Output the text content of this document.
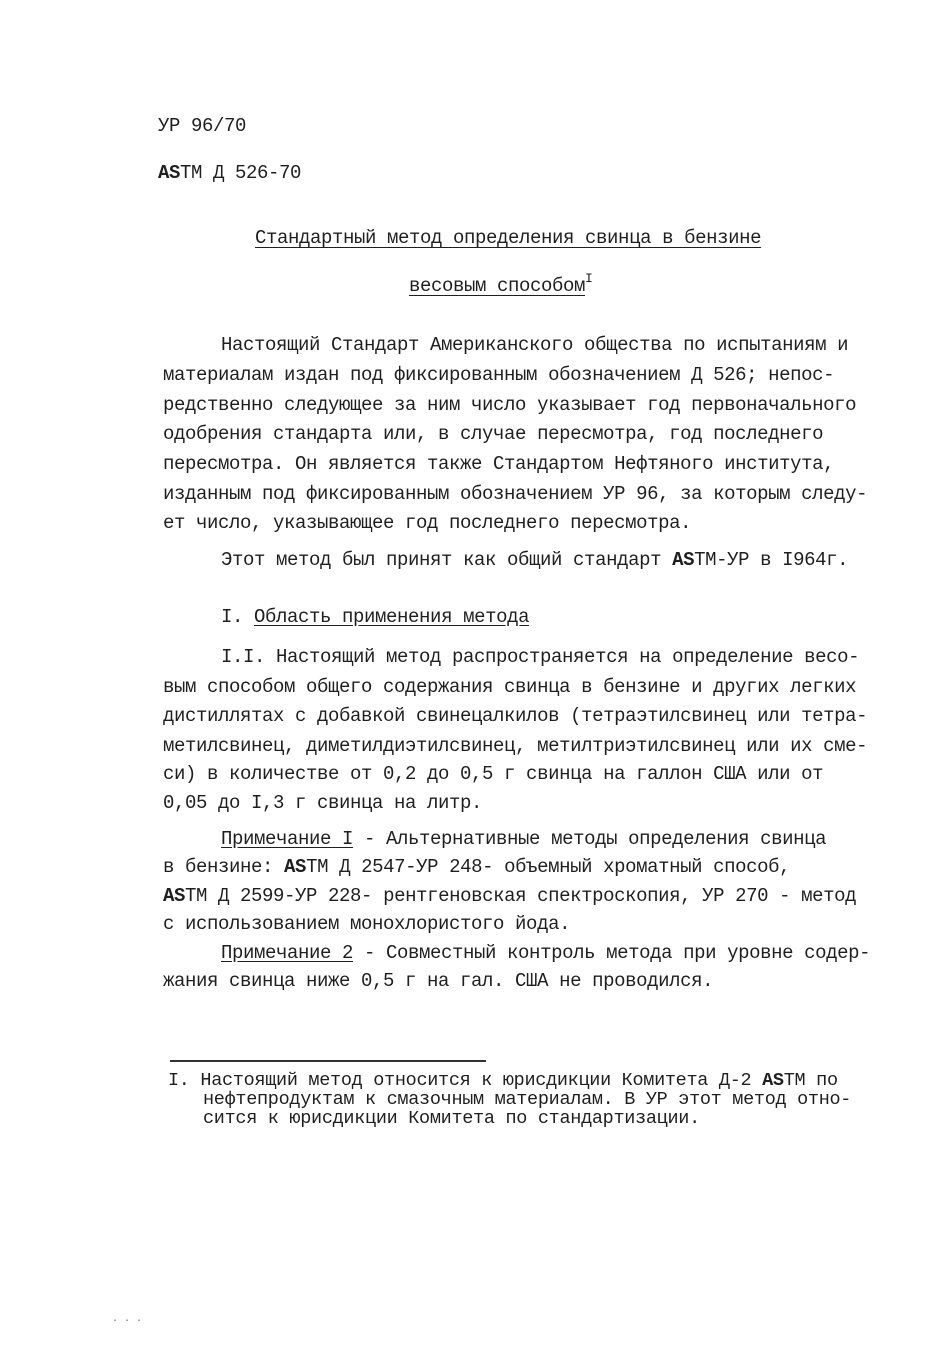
УР 96/70
ASТМ Д 526-70
Стандартный метод определения свинца в бензине
весовым способом$^I$
Настоящий Стандарт Американского общества по испытаниям и
материалам издан под фиксированным обозначением Д 526; непос-
редственно следующее за ним число указывает год первоначального
одобрения стандарта или, в случае пересмотра, год последнего
пересмотра. Он является также Стандартом Нефтяного института,
изданным под фиксированным обозначением УР 96, за которым следу-
ет число, указывающее год последнего пересмотра.
Этот метод был принят как общий стандарт ASТМ-УР в I964г.
I. Область применения метода
I.I. Настоящий метод распространяется на определение весо-
вым способом общего содержания свинца в бензине и других легких
дистиллятах с добавкой свинецалкилов (тетраэтилсвинец или тетра-
метилсвинец, диметилдиэтилсвинец, метилтриэтилсвинец или их сме-
си) в количестве от 0,2 до 0,5 г свинца на галлон США или от
0,05 до I,3 г свинца на литр.
Примечание I - Альтернативные методы определения свинца
в бензине: ASТМ Д 2547-УР 248- объемный хроматный способ,
ASТМ Д 2599-УР 228- рентгеновская спектроскопия, УР 270 - метод
с использованием монохлористого йода.
Примечание 2 - Совместный контроль метода при уровне содер-
жания свинца ниже 0,5 г на гал. США не проводился.
I. Настоящий метод относится к юрисдикции Комитета Д-2 ASТМ по
нефтепродуктам к смазочным материалам. В УР этот метод отно-
сится к юрисдикции Комитета по стандартизации.
· · ·
